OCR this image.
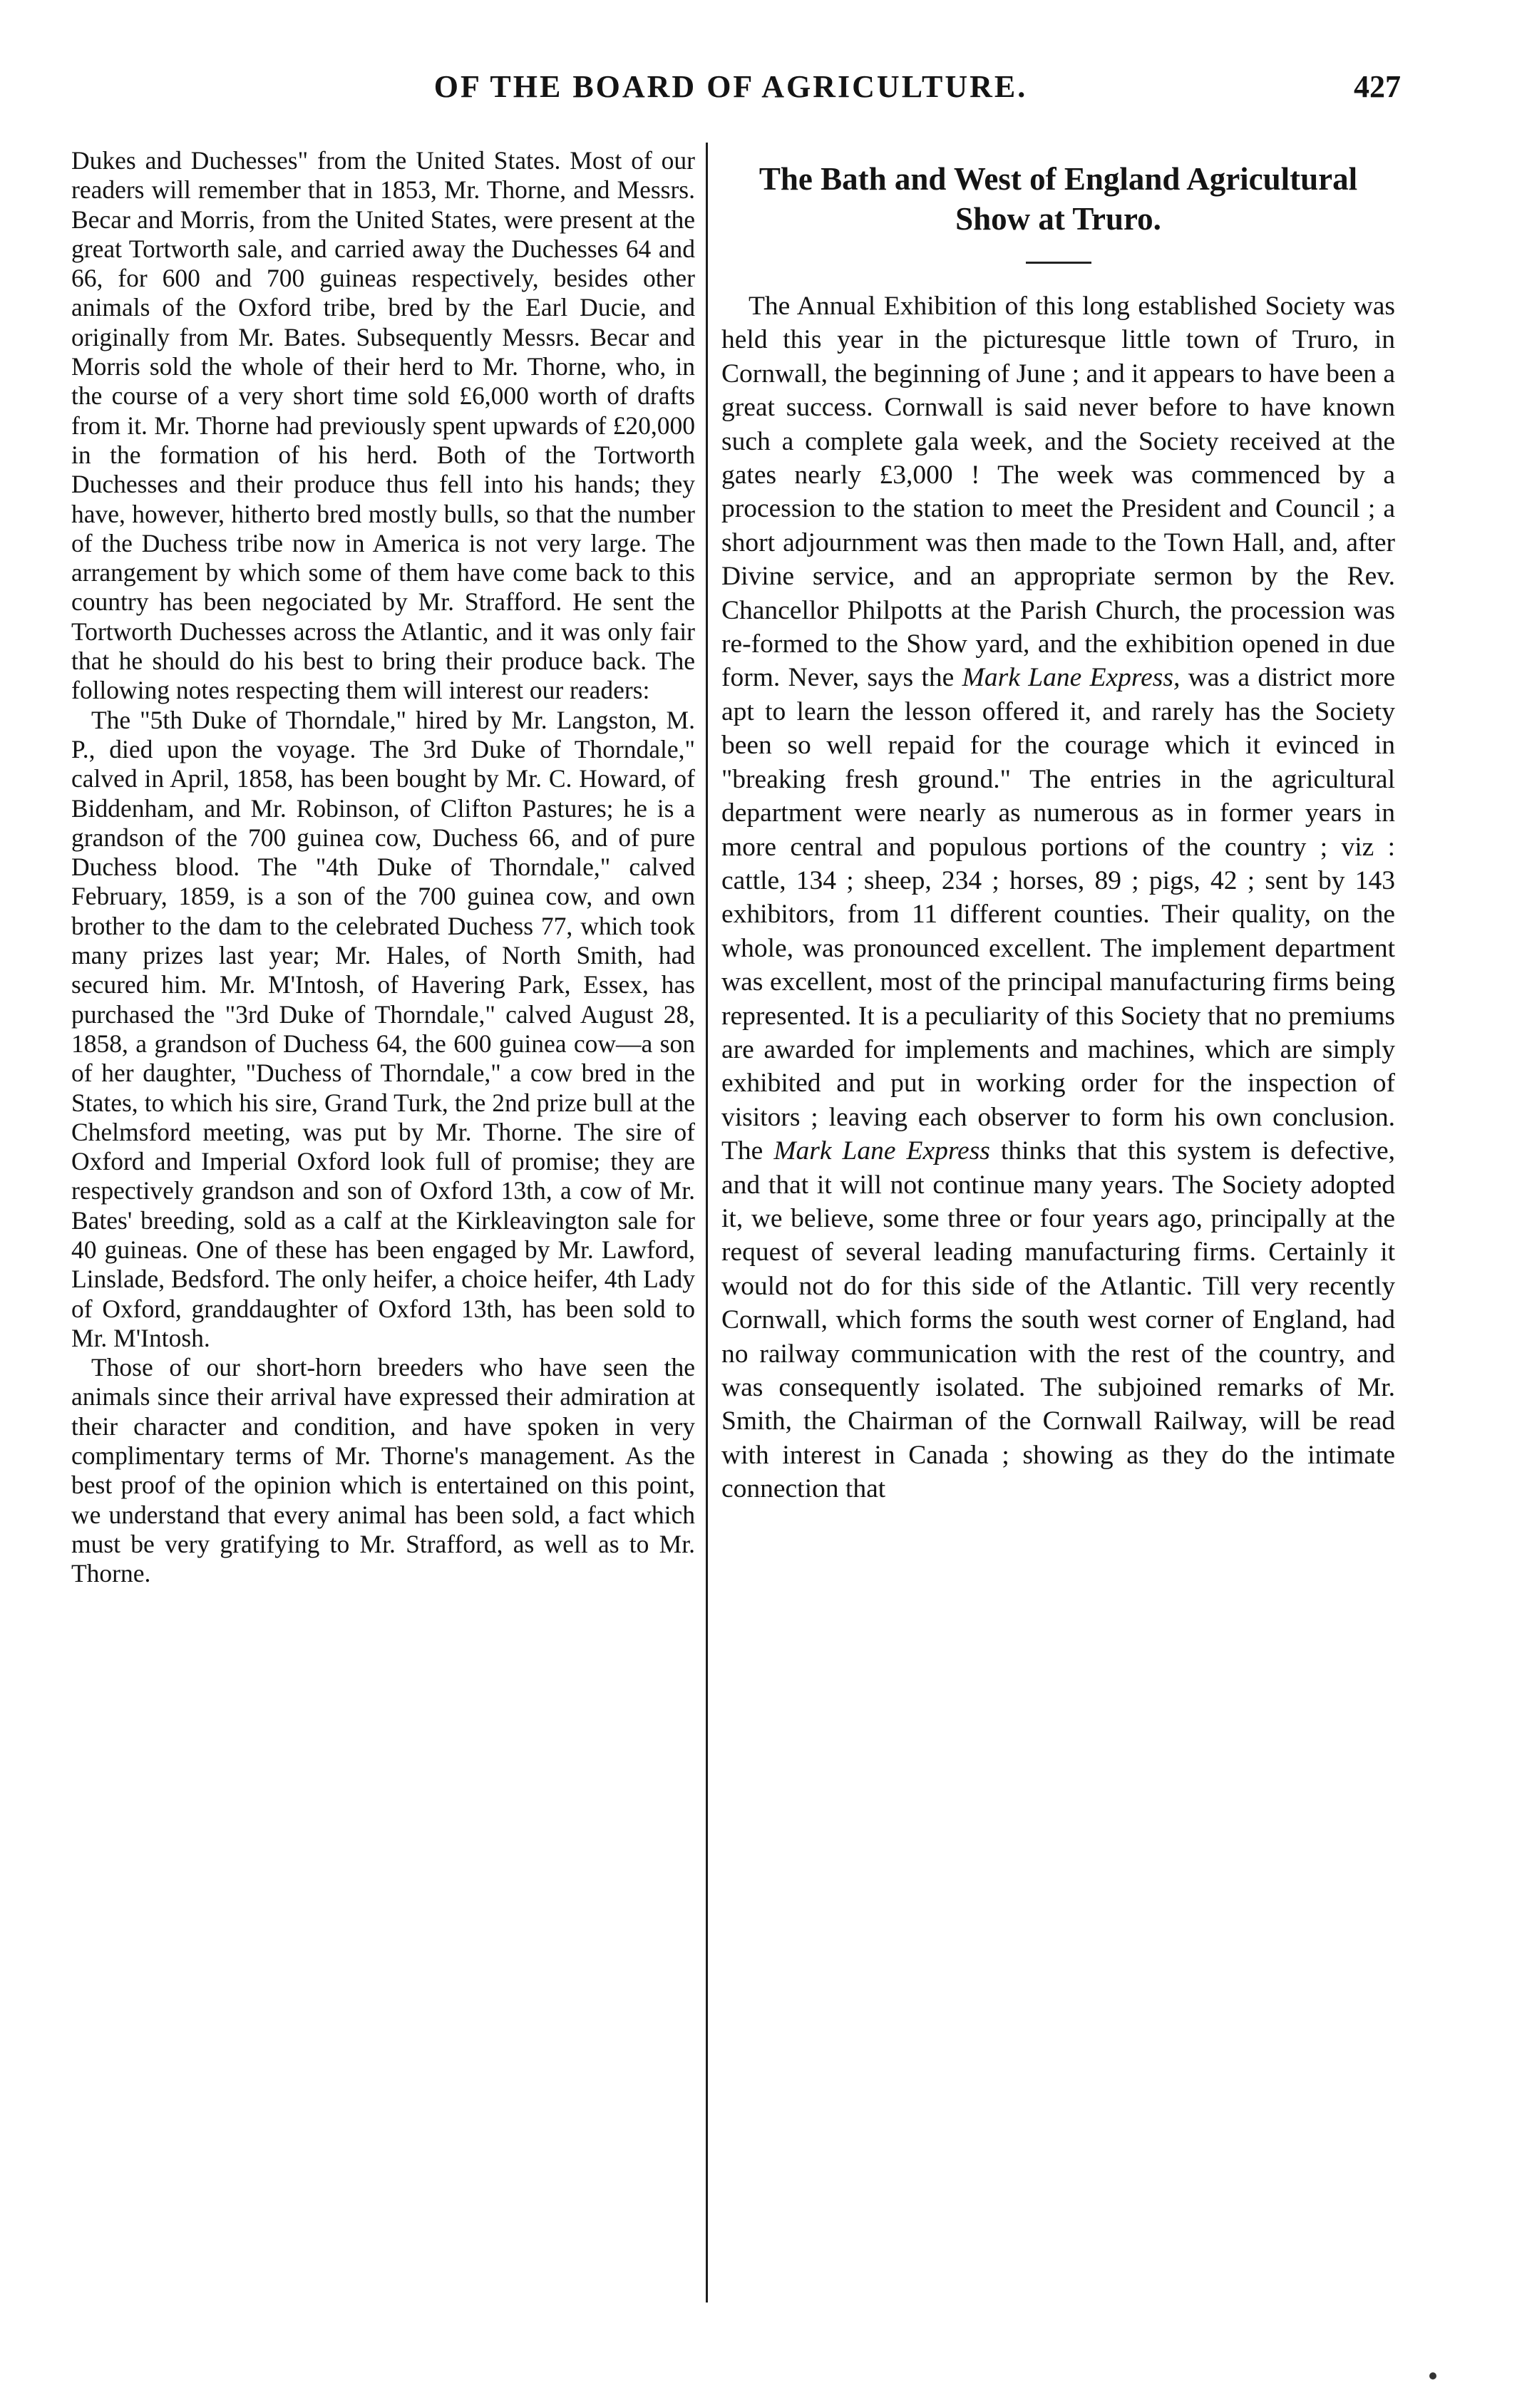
OF THE BOARD OF AGRICULTURE.	427

Dukes and Duchesses" from the United States. Most of our readers will remember that in 1853, Mr. Thorne, and Messrs. Becar and Morris, from the United States, were present at the great Tortworth sale, and carried away the Duchesses 64 and 66, for 600 and 700 guineas respectively, besides other animals of the Oxford tribe, bred by the Earl Ducie, and originally from Mr. Bates. Subsequently Messrs. Becar and Morris sold the whole of their herd to Mr. Thorne, who, in the course of a very short time sold £6,000 worth of drafts from it. Mr. Thorne had previously spent upwards of £20,000 in the formation of his herd. Both of the Tortworth Duchesses and their produce thus fell into his hands; they have, however, hitherto bred mostly bulls, so that the number of the Duchess tribe now in America is not very large. The arrangement by which some of them have come back to this country has been negociated by Mr. Strafford. He sent the Tortworth Duchesses across the Atlantic, and it was only fair that he should do his best to bring their produce back. The following notes respecting them will interest our readers:

The "5th Duke of Thorndale," hired by Mr. Langston, M. P., died upon the voyage. The 3rd Duke of Thorndale," calved in April, 1858, has been bought by Mr. C. Howard, of Biddenham, and Mr. Robinson, of Clifton Pastures; he is a grandson of the 700 guinea cow, Duchess 66, and of pure Duchess blood. The "4th Duke of Thorndale," calved February, 1859, is a son of the 700 guinea cow, and own brother to the dam to the celebrated Duchess 77, which took many prizes last year; Mr. Hales, of North Smith, had secured him. Mr. M'Intosh, of Havering Park, Essex, has purchased the "3rd Duke of Thorndale," calved August 28, 1858, a grandson of Duchess 64, the 600 guinea cow—a son of her daughter, "Duchess of Thorndale," a cow bred in the States, to which his sire, Grand Turk, the 2nd prize bull at the Chelmsford meeting, was put by Mr. Thorne. The sire of Oxford and Imperial Oxford look full of promise; they are respectively grandson and son of Oxford 13th, a cow of Mr. Bates' breeding, sold as a calf at the Kirkleavington sale for 40 guineas. One of these has been engaged by Mr. Lawford, Linslade, Bedsford. The only heifer, a choice heifer, 4th Lady of Oxford, granddaughter of Oxford 13th, has been sold to Mr. M'Intosh.

Those of our short-horn breeders who have seen the animals since their arrival have expressed their admiration at their character and condition, and have spoken in very complimentary terms of Mr. Thorne's management. As the best proof of the opinion which is entertained on this point, we understand that every animal has been sold, a fact which must be very gratifying to Mr. Strafford, as well as to Mr. Thorne.

The Bath and West of England Agricultural Show at Truro.

The Annual Exhibition of this long established Society was held this year in the picturesque little town of Truro, in Cornwall, the beginning of June ; and it appears to have been a great success. Cornwall is said never before to have known such a complete gala week, and the Society received at the gates nearly £3,000 ! The week was commenced by a procession to the station to meet the President and Council ; a short adjournment was then made to the Town Hall, and, after Divine service, and an appropriate sermon by the Rev. Chancellor Philpotts at the Parish Church, the procession was re-formed to the Show yard, and the exhibition opened in due form. Never, says the Mark Lane Express, was a district more apt to learn the lesson offered it, and rarely has the Society been so well repaid for the courage which it evinced in "breaking fresh ground." The entries in the agricultural department were nearly as numerous as in former years in more central and populous portions of the country ; viz : cattle, 134 ; sheep, 234 ; horses, 89 ; pigs, 42 ; sent by 143 exhibitors, from 11 different counties. Their quality, on the whole, was pronounced excellent. The implement department was excellent, most of the principal manufacturing firms being represented. It is a peculiarity of this Society that no premiums are awarded for implements and machines, which are simply exhibited and put in working order for the inspection of visitors ; leaving each observer to form his own conclusion. The Mark Lane Express thinks that this system is defective, and that it will not continue many years. The Society adopted it, we believe, some three or four years ago, principally at the request of several leading manufacturing firms. Certainly it would not do for this side of the Atlantic. Till very recently Cornwall, which forms the south west corner of England, had no railway communication with the rest of the country, and was consequently isolated. The subjoined remarks of Mr. Smith, the Chairman of the Cornwall Railway, will be read with interest in Canada ; showing as they do the intimate connection that
